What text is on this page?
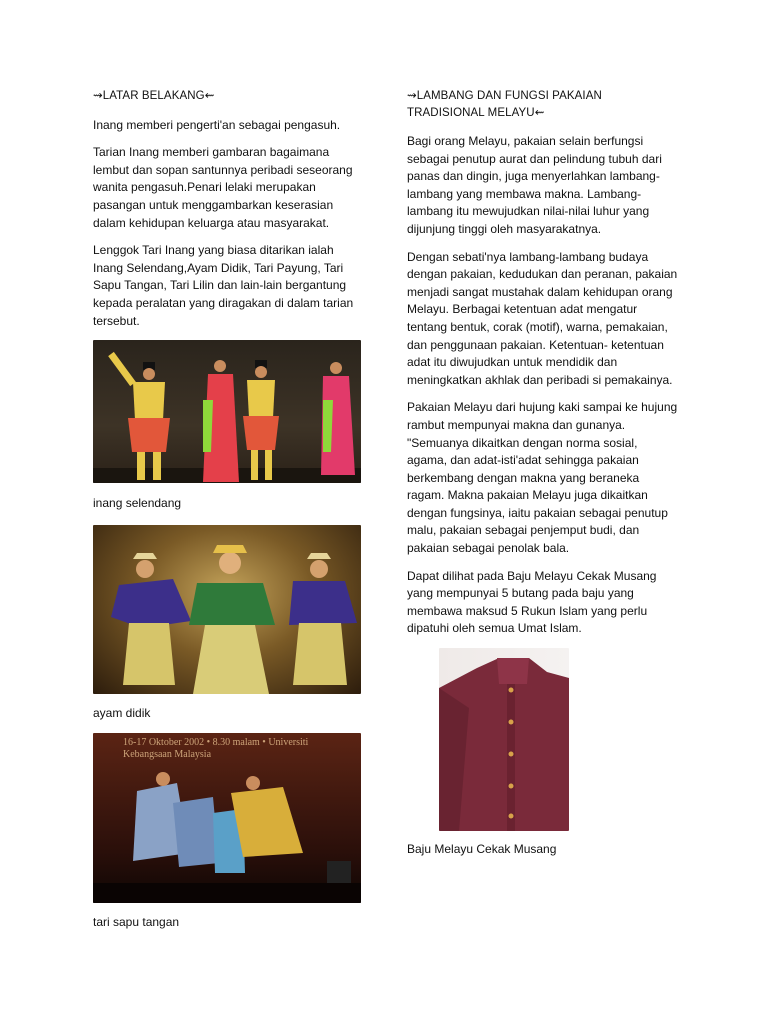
⇝LATAR BELAKANG⇜

Inang memberi pengerti'an sebagai pengasuh.

Tarian Inang memberi gambaran bagaimana lembut dan sopan santunnya peribadi seseorang wanita pengasuh.Penari lelaki merupakan pasangan untuk menggambarkan keserasian dalam kehidupan keluarga atau masyarakat.

Lenggok Tari Inang yang biasa ditarikan ialah Inang Selendang,Ayam Didik, Tari Payung, Tari Sapu Tangan, Tari Lilin dan lain-lain bergantung kepada peralatan yang diragakan di dalam tarian tersebut.

inang selendang

ayam didik

16-17 Oktober 2002 • 8.30 malam • Universiti Kebangsaan Malaysia

tari sapu tangan

⇝LAMBANG DAN FUNGSI PAKAIAN TRADISIONAL MELAYU⇜

Bagi orang Melayu, pakaian selain berfungsi sebagai penutup aurat dan pelindung tubuh dari panas dan dingin, juga menyerlahkan lambang-lambang yang membawa makna. Lambang-lambang itu mewujudkan nilai-nilai luhur yang dijunjung tinggi oleh masyarakatnya.

Dengan sebati'nya lambang-lambang budaya dengan pakaian, kedudukan dan peranan, pakaian menjadi sangat mustahak dalam kehidupan orang Melayu. Berbagai ketentuan adat mengatur tentang bentuk, corak (motif), warna, pemakaian, dan penggunaan pakaian. Ketentuan- ketentuan adat itu diwujudkan untuk mendidik dan meningkatkan akhlak dan peribadi si pemakainya.

Pakaian Melayu dari hujung kaki sampai ke hujung rambut mempunyai makna dan gunanya. "Semuanya dikaitkan dengan norma sosial, agama, dan adat-isti'adat sehingga pakaian berkembang dengan makna yang beraneka ragam. Makna pakaian Melayu juga dikaitkan dengan fungsinya, iaitu pakaian sebagai penutup malu, pakaian sebagai penjemput budi, dan pakaian sebagai penolak bala.

Dapat dilihat pada Baju Melayu Cekak Musang yang mempunyai 5 butang pada baju yang membawa maksud 5 Rukun Islam yang perlu dipatuhi oleh semua Umat Islam.

Baju Melayu Cekak Musang
